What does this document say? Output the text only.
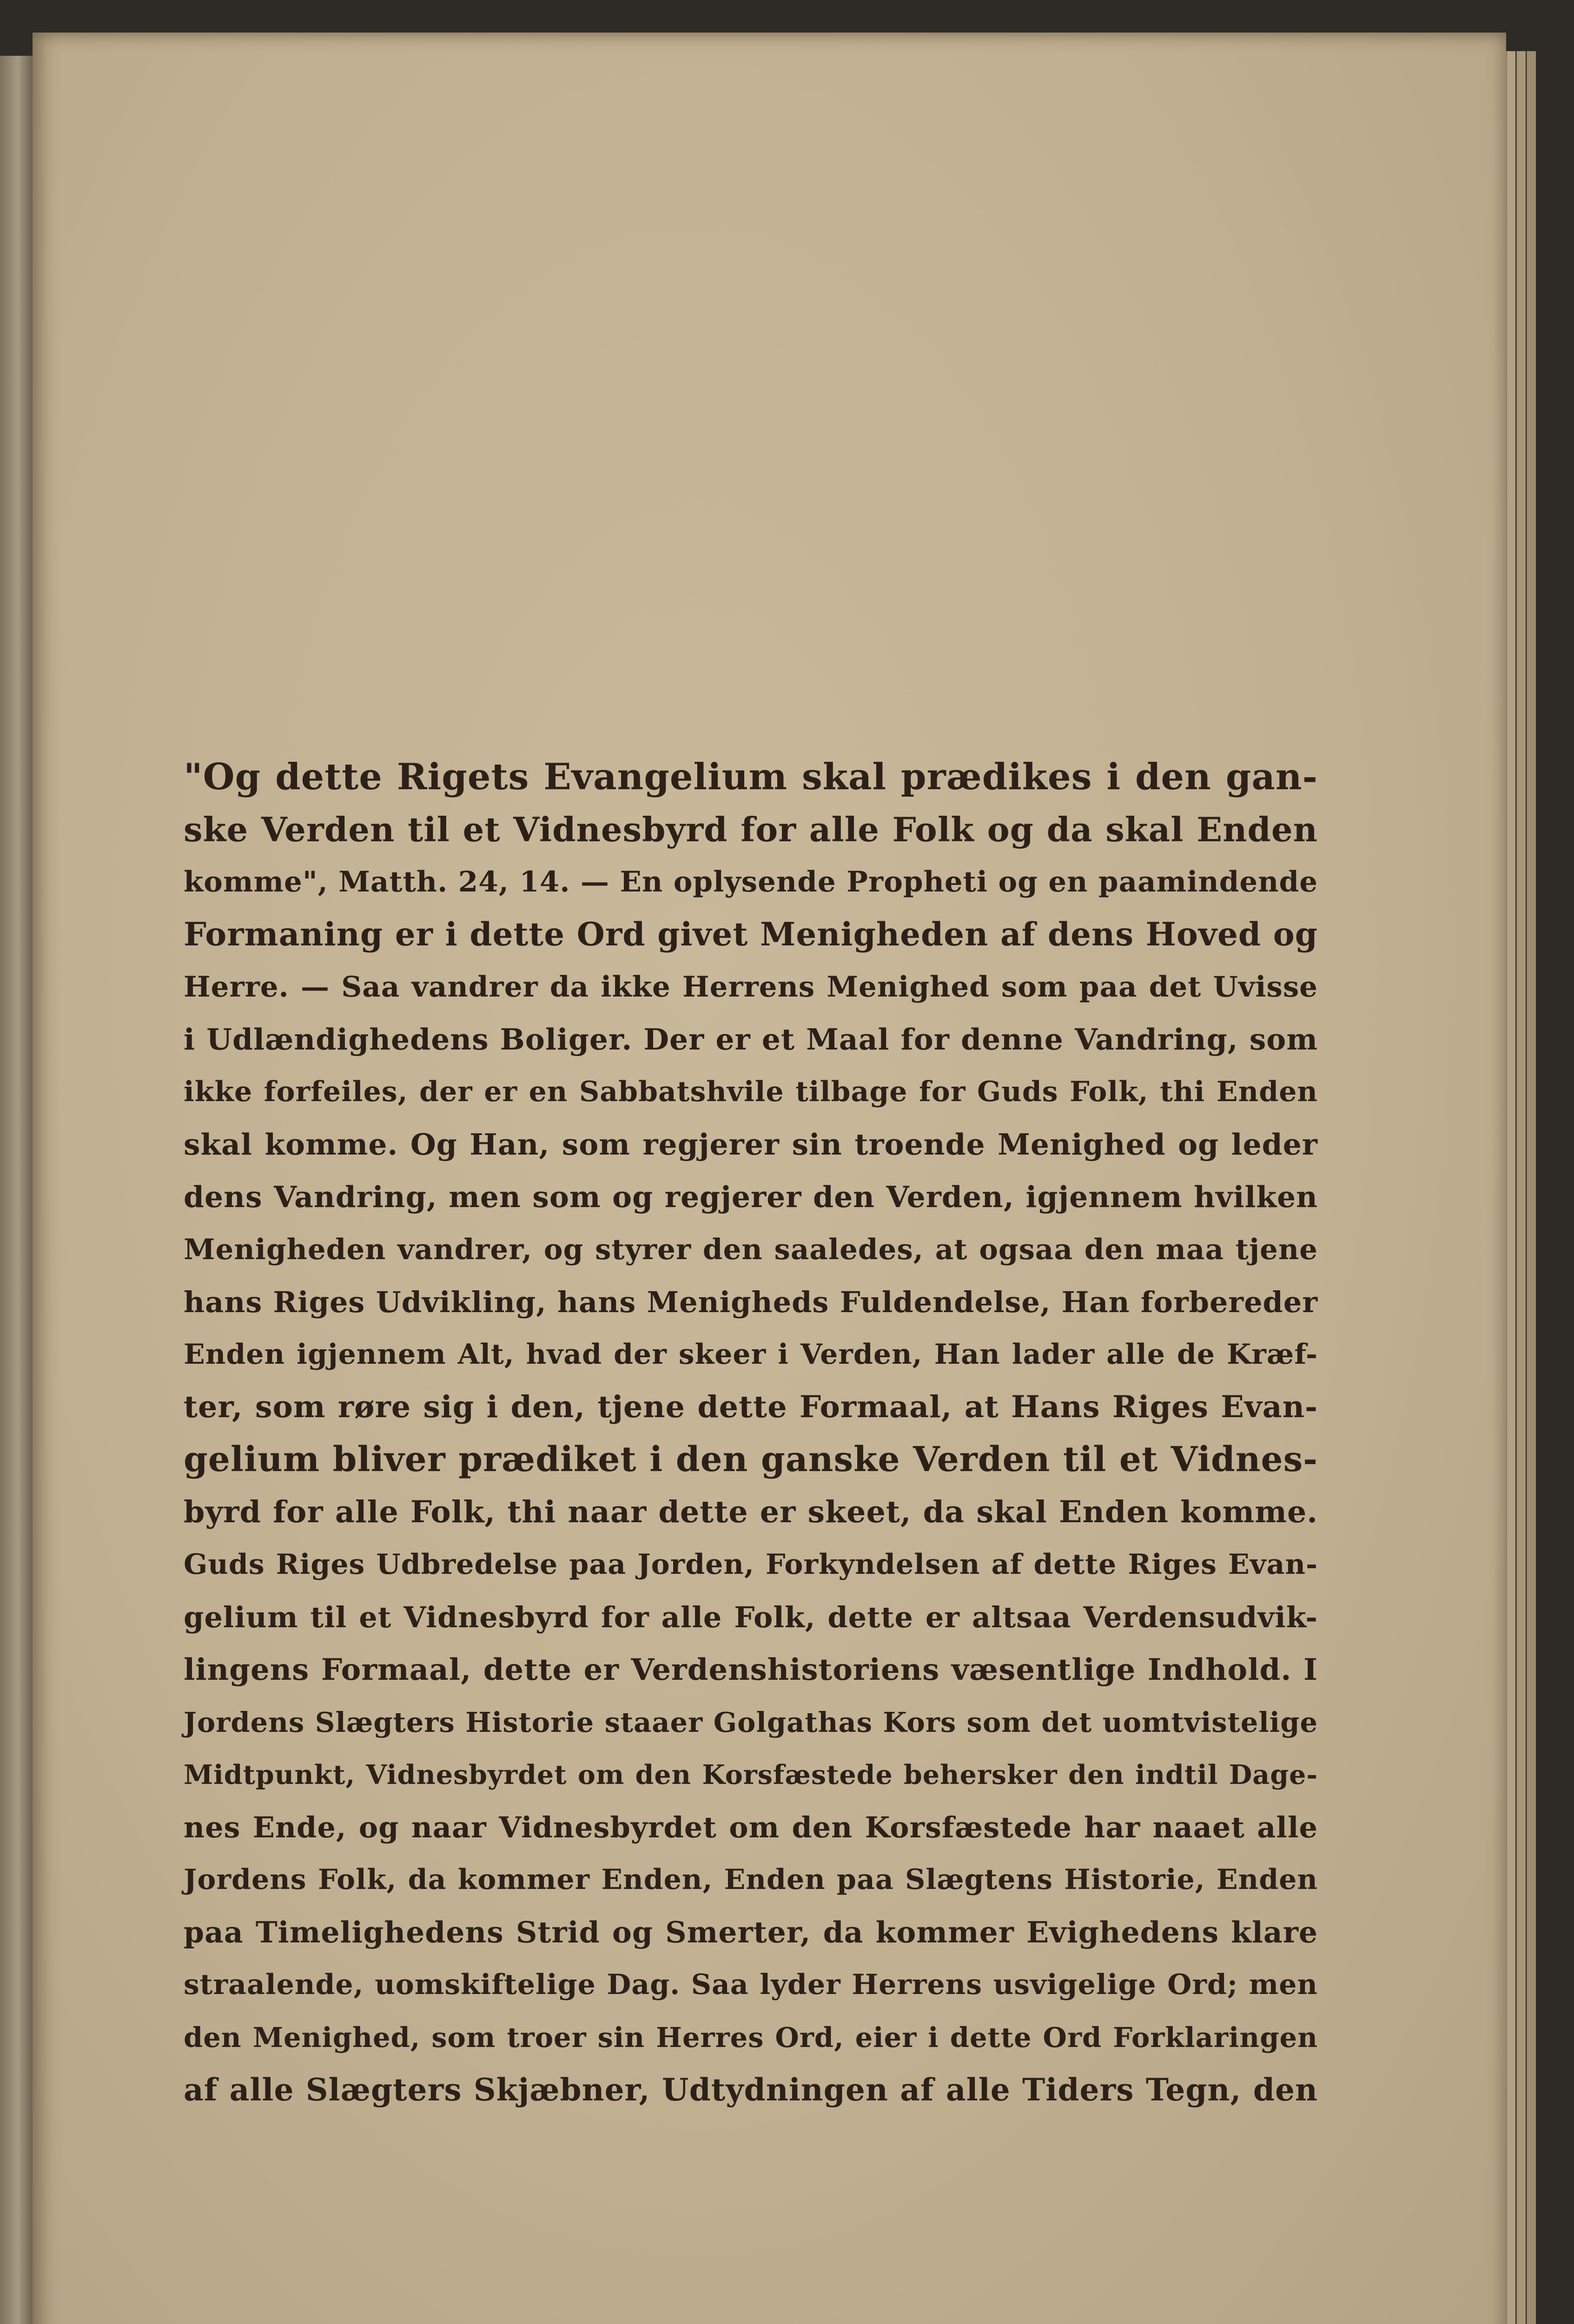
"Og dette Rigets Evangelium skal prædikes i den gan-
ske Verden til et Vidnesbyrd for alle Folk og da skal Enden
komme", Matth. 24, 14. — En oplysende Propheti og en paamindende
Formaning er i dette Ord givet Menigheden af dens Hoved og
Herre. — Saa vandrer da ikke Herrens Menighed som paa det Uvisse
i Udlændighedens Boliger. Der er et Maal for denne Vandring, som
ikke forfeiles, der er en Sabbatshvile tilbage for Guds Folk, thi Enden
skal komme. Og Han, som regjerer sin troende Menighed og leder
dens Vandring, men som og regjerer den Verden, igjennem hvilken
Menigheden vandrer, og styrer den saaledes, at ogsaa den maa tjene
hans Riges Udvikling, hans Menigheds Fuldendelse, Han forbereder
Enden igjennem Alt, hvad der skeer i Verden, Han lader alle de Kræf-
ter, som røre sig i den, tjene dette Formaal, at Hans Riges Evan-
gelium bliver prædiket i den ganske Verden til et Vidnes-
byrd for alle Folk, thi naar dette er skeet, da skal Enden komme.
Guds Riges Udbredelse paa Jorden, Forkyndelsen af dette Riges Evan-
gelium til et Vidnesbyrd for alle Folk, dette er altsaa Verdensudvik-
lingens Formaal, dette er Verdenshistoriens væsentlige Indhold. I
Jordens Slægters Historie staaer Golgathas Kors som det uomtvistelige
Midtpunkt, Vidnesbyrdet om den Korsfæstede behersker den indtil Dage-
nes Ende, og naar Vidnesbyrdet om den Korsfæstede har naaet alle
Jordens Folk, da kommer Enden, Enden paa Slægtens Historie, Enden
paa Timelighedens Strid og Smerter, da kommer Evighedens klare
straalende, uomskiftelige Dag. Saa lyder Herrens usvigelige Ord; men
den Menighed, som troer sin Herres Ord, eier i dette Ord Forklaringen
af alle Slægters Skjæbner, Udtydningen af alle Tiders Tegn, den
